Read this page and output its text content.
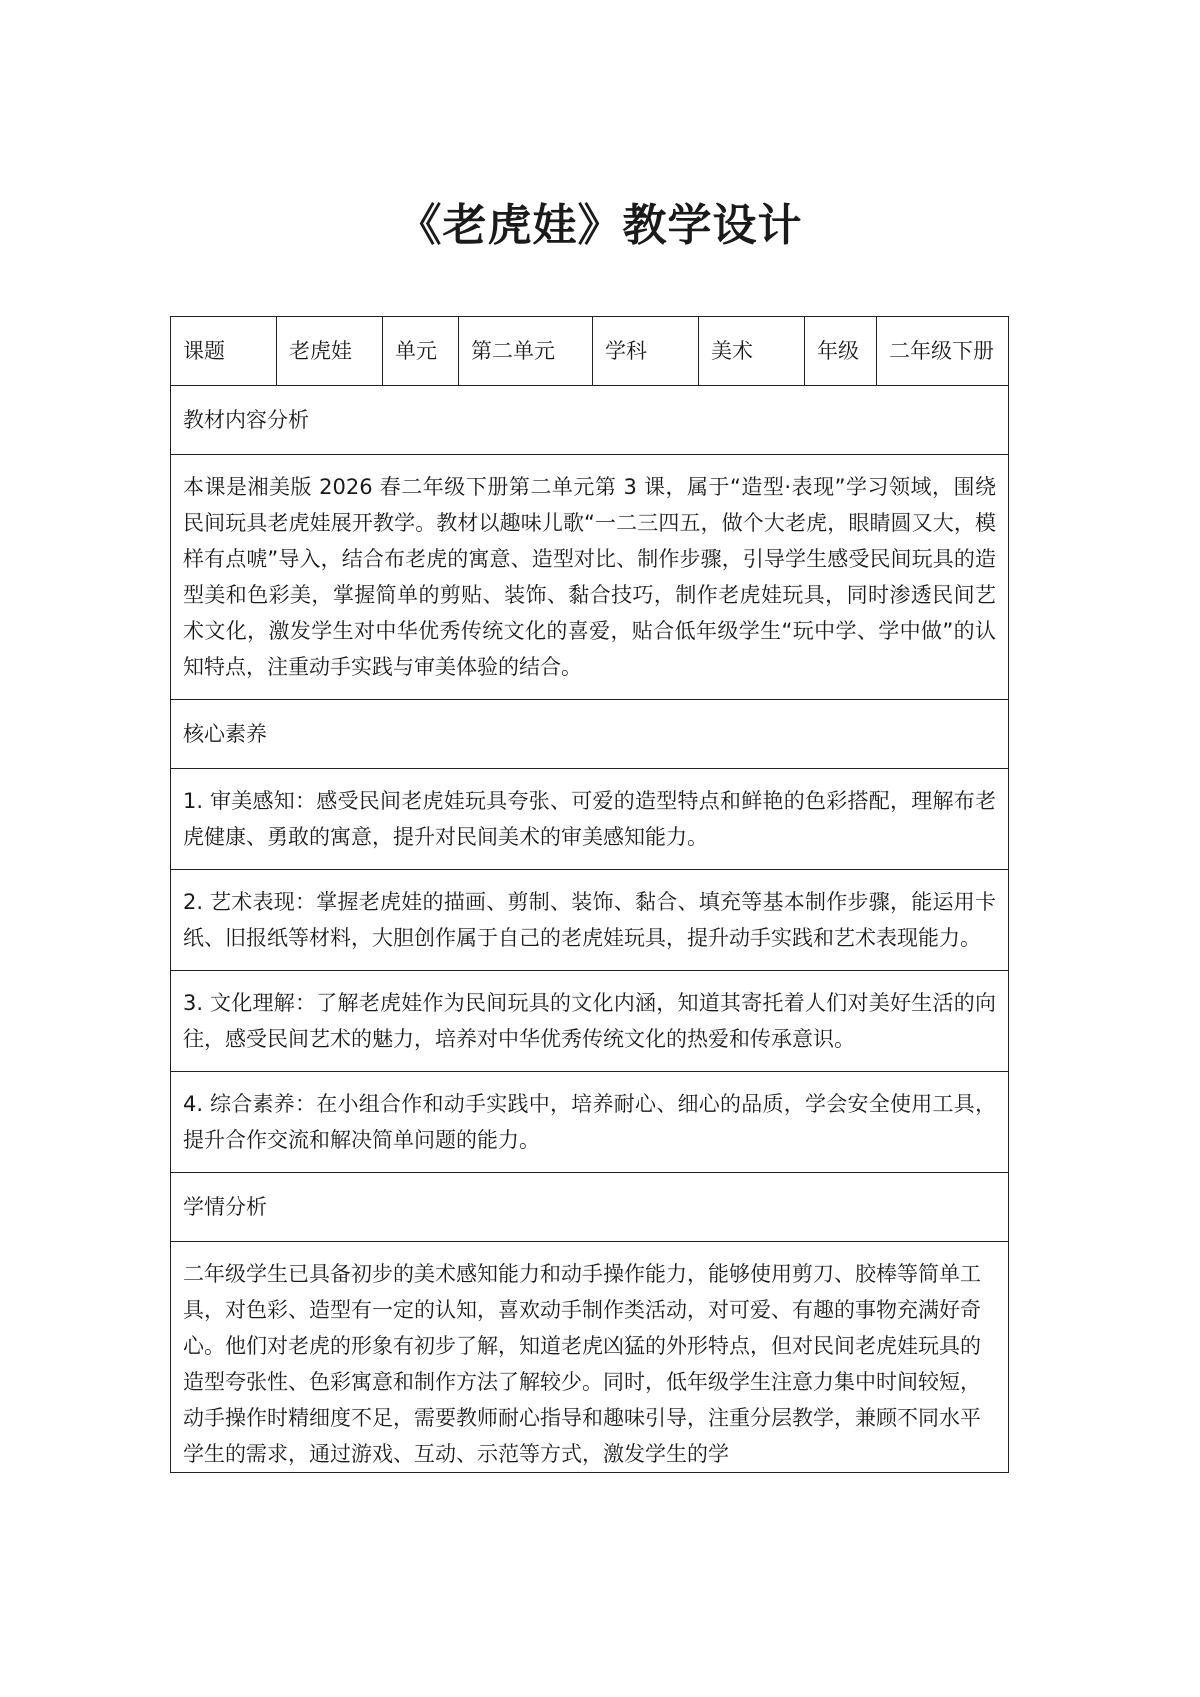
《老虎娃》教学设计
课题	老虎娃	单元	第二单元	学科	美术	年级	二年级下册
教材内容分析
本课是湘美版 2026 春二年级下册第二单元第 3 课，属于“造型·表现”学习领域，围绕民间玩具老虎娃展开教学。教材以趣味儿歌“一二三四五，做个大老虎，眼睛圆又大，模样有点唬”导入，结合布老虎的寓意、造型对比、制作步骤，引导学生感受民间玩具的造型美和色彩美，掌握简单的剪贴、装饰、黏合技巧，制作老虎娃玩具，同时渗透民间艺术文化，激发学生对中华优秀传统文化的喜爱，贴合低年级学生“玩中学、学中做”的认知特点，注重动手实践与审美体验的结合。
核心素养
1. 审美感知：感受民间老虎娃玩具夸张、可爱的造型特点和鲜艳的色彩搭配，理解布老虎健康、勇敢的寓意，提升对民间美术的审美感知能力。
2. 艺术表现：掌握老虎娃的描画、剪制、装饰、黏合、填充等基本制作步骤，能运用卡纸、旧报纸等材料，大胆创作属于自己的老虎娃玩具，提升动手实践和艺术表现能力。
3. 文化理解：了解老虎娃作为民间玩具的文化内涵，知道其寄托着人们对美好生活的向往，感受民间艺术的魅力，培养对中华优秀传统文化的热爱和传承意识。
4. 综合素养：在小组合作和动手实践中，培养耐心、细心的品质，学会安全使用工具，提升合作交流和解决简单问题的能力。
学情分析

二年级学生已具备初步的美术感知能力和动手操作能力，能够使用剪刀、胶棒等简单工具，对色彩、造型有一定的认知，喜欢动手制作类活动，对可爱、有趣的事物充满好奇心。他们对老虎的形象有初步了解，知道老虎凶猛的外形特点，但对民间老虎娃玩具的造型夸张性、色彩寓意和制作方法了解较少。同时，低年级学生注意力集中时间较短，动手操作时精细度不足，需要教师耐心指导和趣味引导，注重分层教学，兼顾不同水平学生的需求，通过游戏、互动、示范等方式，激发学生的学
